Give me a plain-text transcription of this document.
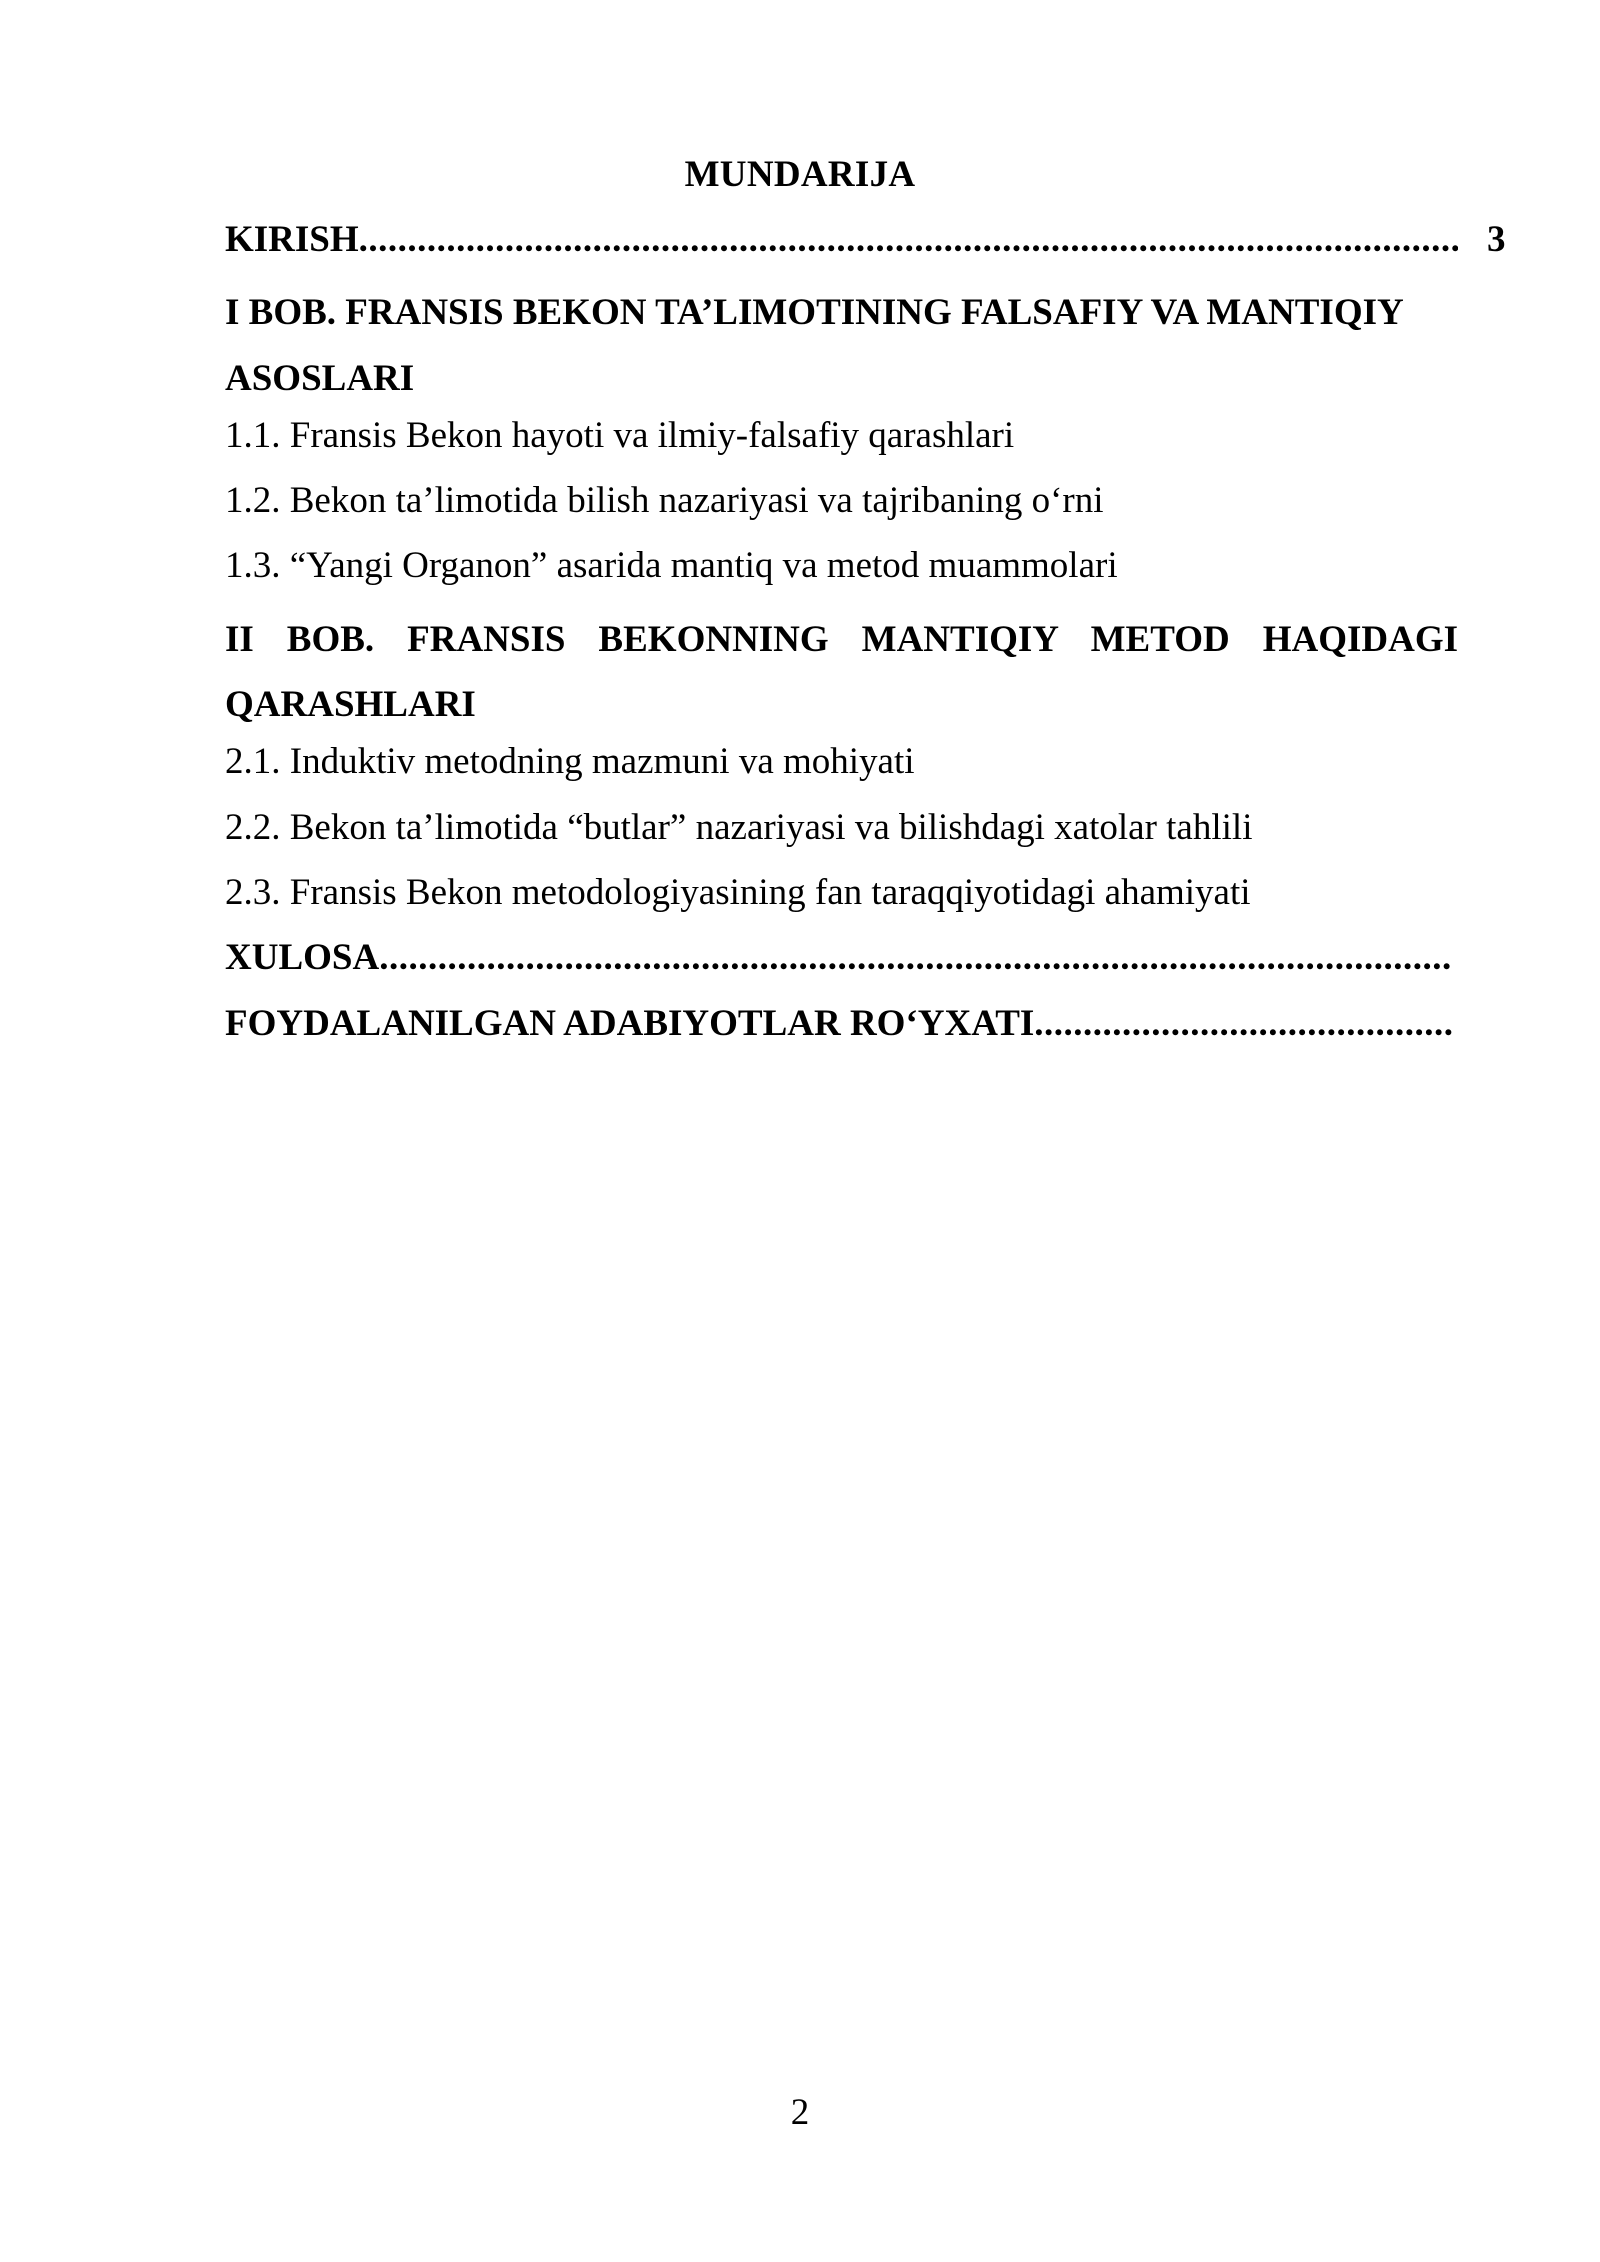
MUNDARIJA
KIRISH
.....	3
I BOB. FRANSIS BEKON TA’LIMOTINING FALSAFIY VA MANTIQIY ASOSLARI
1.1. Fransis Bekon hayoti va ilmiy-falsafiy qarashlari
1.2. Bekon ta’limotida bilish nazariyasi va tajribaning o‘rni
1.3. “Yangi Organon” asarida mantiq va metod muammolari
II BOB. FRANSIS BEKONNING MANTIQIY METOD HAQIDAGI QARASHLARI
2.1. Induktiv metodning mazmuni va mohiyati
2.2. Bekon ta’limotida “butlar” nazariyasi va bilishdagi xatolar tahlili
2.3. Fransis Bekon metodologiyasining fan taraqqiyotidagi ahamiyati
XULOSA
.....
FOYDALANILGAN ADABIYOTLAR RO‘YXATI
.....
2
